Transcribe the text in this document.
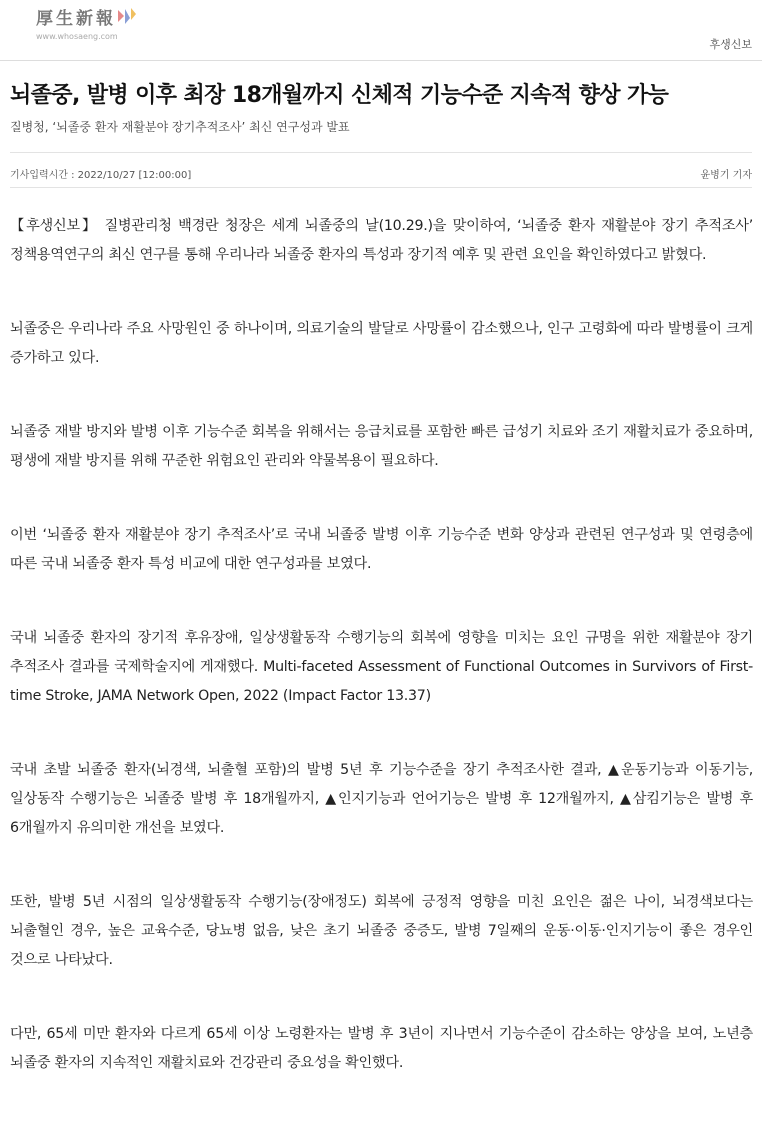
厚生新報
www.whosaeng.com
후생신보
뇌졸중, 발병 이후 최장 18개월까지 신체적 기능수준 지속적 향상 가능
질병청, ‘뇌졸중 환자 재활분야 장기추적조사’ 최신 연구성과 발표
기사입력시간 : 2022/10/27 [12:00:00]	윤병기 기자

【후생신보】 질병관리청 백경란 청장은 세계 뇌졸중의 날(10.29.)을 맞이하여, ‘뇌졸중 환자 재활분야 장기 추적조사’ 정책용역연구의 최신 연구를 통해 우리나라 뇌졸중 환자의 특성과 장기적 예후 및 관련 요인을 확인하였다고 밝혔다.

뇌졸중은 우리나라 주요 사망원인 중 하나이며, 의료기술의 발달로 사망률이 감소했으나, 인구 고령화에 따라 발병률이 크게 증가하고 있다.

뇌졸중 재발 방지와 발병 이후 기능수준 회복을 위해서는 응급치료를 포함한 빠른 급성기 치료와 조기 재활치료가 중요하며, 평생에 재발 방지를 위해 꾸준한 위험요인 관리와 약물복용이 필요하다.

이번 ‘뇌졸중 환자 재활분야 장기 추적조사’로 국내 뇌졸중 발병 이후 기능수준 변화 양상과 관련된 연구성과 및 연령층에 따른 국내 뇌졸중 환자 특성 비교에 대한 연구성과를 보였다.

국내 뇌졸중 환자의 장기적 후유장애, 일상생활동작 수행기능의 회복에 영향을 미치는 요인 규명을 위한 재활분야 장기 추적조사 결과를 국제학술지에 게재했다. Multi-faceted Assessment of Functional Outcomes in Survivors of First-time Stroke, JAMA Network Open, 2022 (Impact Factor 13.37)

국내 초발 뇌졸중 환자(뇌경색, 뇌출혈 포함)의 발병 5년 후 기능수준을 장기 추적조사한 결과, ▲운동기능과 이동기능, 일상동작 수행기능은 뇌졸중 발병 후 18개월까지, ▲인지기능과 언어기능은 발병 후 12개월까지, ▲삼킴기능은 발병 후 6개월까지 유의미한 개선을 보였다.

또한, 발병 5년 시점의 일상생활동작 수행기능(장애정도) 회복에 긍정적 영향을 미친 요인은 젊은 나이, 뇌경색보다는 뇌출혈인 경우, 높은 교육수준, 당뇨병 없음, 낮은 초기 뇌졸중 중증도, 발병 7일째의 운동·이동·인지기능이 좋은 경우인 것으로 나타났다.

다만, 65세 미만 환자와 다르게 65세 이상 노령환자는 발병 후 3년이 지나면서 기능수준이 감소하는 양상을 보여, 노년층 뇌졸중 환자의 지속적인 재활치료와 건강관리 중요성을 확인했다.
